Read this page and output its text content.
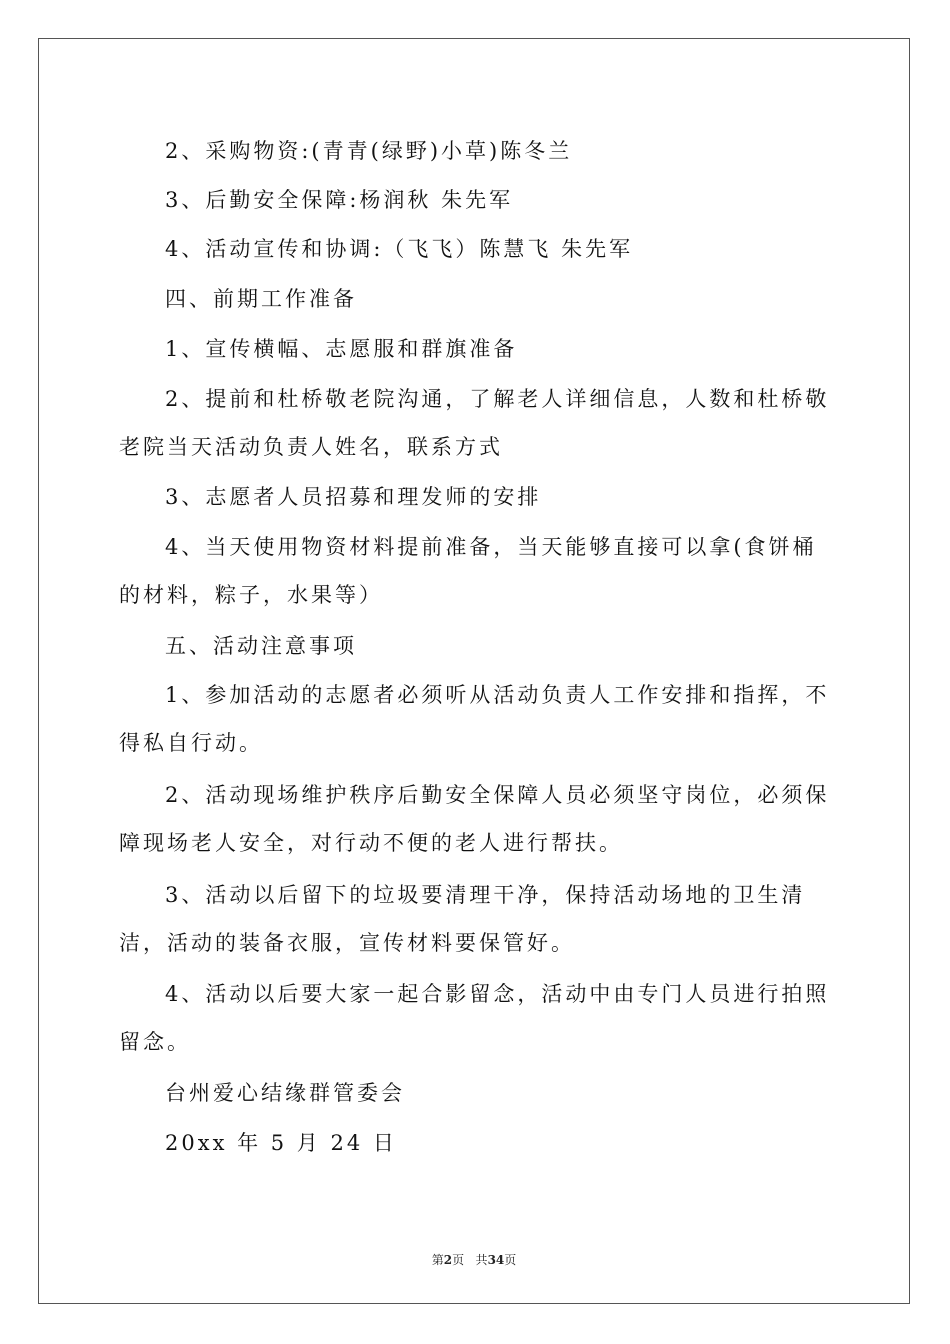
2、采购物资:(青青(绿野)小草)陈冬兰

3、后勤安全保障:杨润秋 朱先军

4、活动宣传和协调:（飞飞）陈慧飞 朱先军

四、前期工作准备

1、宣传横幅、志愿服和群旗准备

2、提前和杜桥敬老院沟通，了解老人详细信息，人数和杜桥敬老院当天活动负责人姓名，联系方式

3、志愿者人员招募和理发师的安排

4、当天使用物资材料提前准备，当天能够直接可以拿(食饼桶的材料，粽子，水果等）

五、活动注意事项

1、参加活动的志愿者必须听从活动负责人工作安排和指挥，不得私自行动。

2、活动现场维护秩序后勤安全保障人员必须坚守岗位，必须保障现场老人安全，对行动不便的老人进行帮扶。

3、活动以后留下的垃圾要清理干净，保持活动场地的卫生清洁，活动的装备衣服，宣传材料要保管好。

4、活动以后要大家一起合影留念，活动中由专门人员进行拍照留念。

台州爱心结缘群管委会

20xx 年 5 月 24 日

第2页 共34页
